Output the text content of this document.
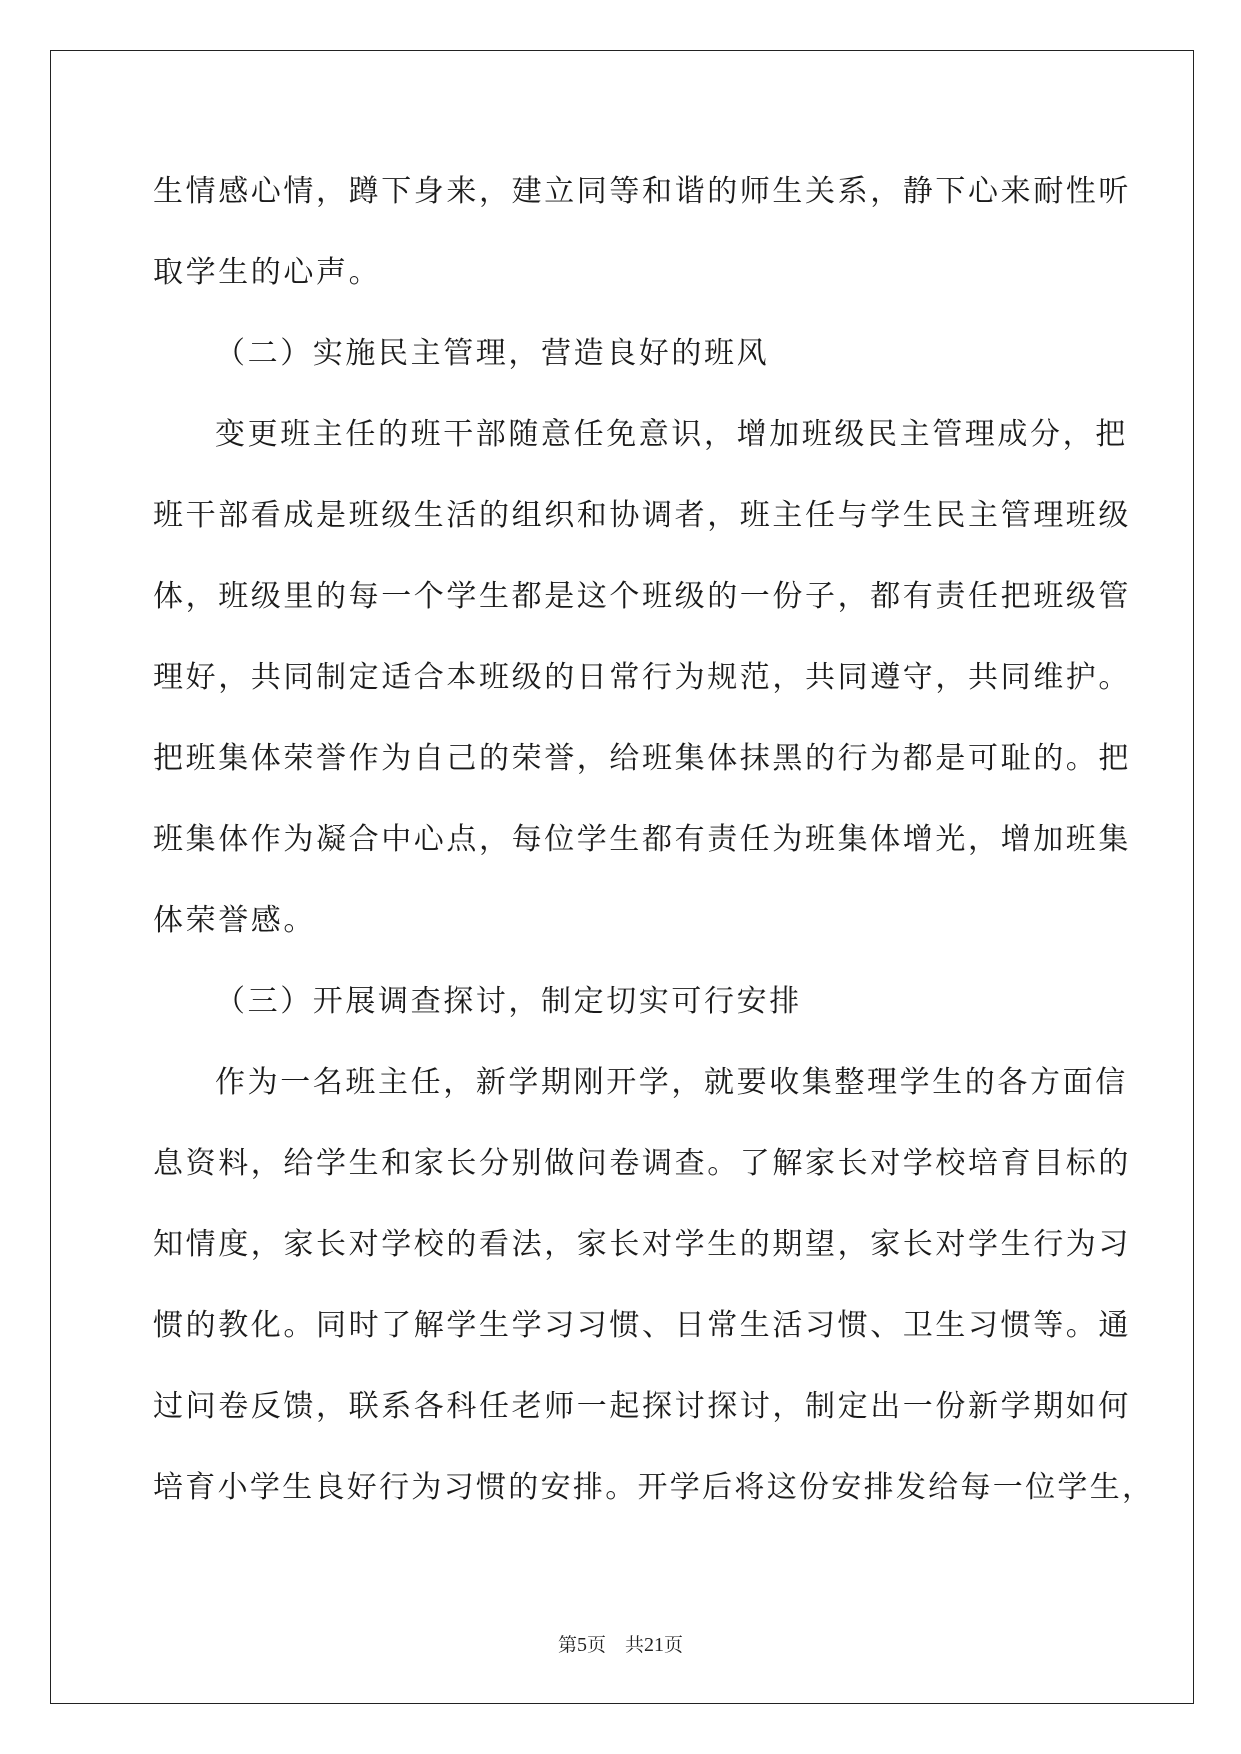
生情感心情，蹲下身来，建立同等和谐的师生关系，静下心来耐性听
取学生的心声。
（二）实施民主管理，营造良好的班风
变更班主任的班干部随意任免意识，增加班级民主管理成分，把
班干部看成是班级生活的组织和协调者，班主任与学生民主管理班级
体，班级里的每一个学生都是这个班级的一份子，都有责任把班级管
理好，共同制定适合本班级的日常行为规范，共同遵守，共同维护。
把班集体荣誉作为自己的荣誉，给班集体抹黑的行为都是可耻的。把
班集体作为凝合中心点，每位学生都有责任为班集体增光，增加班集
体荣誉感。
（三）开展调查探讨，制定切实可行安排
作为一名班主任，新学期刚开学，就要收集整理学生的各方面信
息资料，给学生和家长分别做问卷调查。了解家长对学校培育目标的
知情度，家长对学校的看法，家长对学生的期望，家长对学生行为习
惯的教化。同时了解学生学习习惯、日常生活习惯、卫生习惯等。通
过问卷反馈，联系各科任老师一起探讨探讨，制定出一份新学期如何
培育小学生良好行为习惯的安排。开学后将这份安排发给每一位学生，
第5页　共21页
